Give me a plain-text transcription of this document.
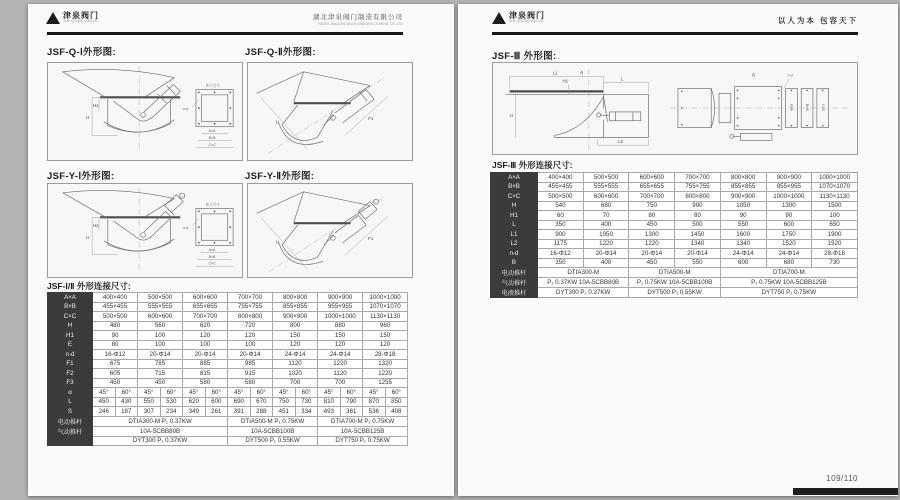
津泉阀门
JIN QUAN VALVE
湖北津泉阀门制造有限公司
HUBEI JINQUAN VALVE MANUFACTURING CO.,LTD
JSF-Q-Ⅰ外形图:	JSF-Q-Ⅱ外形图:
H
H1
法兰尺寸
n-d
A×A
B×B
C×C
L
F1
JSF-Y-Ⅰ外形图:	JSF-Y-Ⅱ外形图:
H
H1
法兰尺寸
n-d
A×A
B×B
C×C
L
F1
JSF-Ⅰ/Ⅱ 外形连接尺寸:
A×A	400×400		500×500		600×600		700×700		800×800		900×900		1000×1000	
B×B	455×455		555×555		655×655		755×755		855×855		955×955		1070×1070	
C×C	500×500		600×600		700×700		800×800		900×900		1000×1000		1130×1130	
H	480		560		620		720		800		880		960	
H1	90		100		120		120		150		150		150	
E	80		100		100		100		120		120		120	
n-d	16-Φ12		20-Φ14		20-Φ14		20-Φ14		24-Φ14		24-Φ14		28-Φ18	
F1	675		785		885		985		1120		1220		1320	
F2	605		715		815		915		1020		1120		1220	
F3	450		450		580		580		700		700		1255	
α	45°	60°	45°	60°	45°	60°	45°	60°	45°	60°	45°	60°	45°	60°
L	450	430	550	530	620	600	690	670	750	730	810	790	870	850
S	246	187	307	234	349	261	391	288	451	334	493	361	536	408
电动推杆	DTⅠA300-M P₁ 0.37KW						DTⅠA500-M P₁ 0.75KW				DTⅠA700-M P₁ 0.75KW			
气动推杆	10A-5CBB80B						10A-5CBB100B				10A-5CBB125B			
	DYT300 P₁ 0.37KW						DYT500 P₁ 0.55KW				DYT750 P₁ 0.75KW			
津泉阀门
JIN QUAN VALVE	以人为本 包容天下
JSF-Ⅲ 外形图:
A
L1
L
H
H1
L2
B	n-d
A×A	B×B	C×C
JSF-Ⅲ 外形连接尺寸:
A×A	400×400	500×500	600×600	700×700	800×800	900×900	1000×1000
B×B	455×455	555×555	655×655	755×755	855×855	955×955	1070×1070
C×C	500×500	600×600	700×700	800×800	900×900	1000×1000	1130×1130
H	540	680	750	900	1050	1300	1500
H1	60	70	80	80	90	90	100
L	350	400	450	500	550	600	650
L1	900	1050	1300	1450	1600	1750	1900
L2	1175	1220	1220	1340	1340	1520	1520
n-d	16-Φ12	20-Φ14	20-Φ14	20-Φ14	24-Φ14	24-Φ14	28-Φ18
B	350	400	450	550	600	680	730
电动推杆	DTⅠA300-M		DTⅠA500-M		DTⅠA700-M		
气动推杆	P₁ 0.37KW 10A-5CBB80B		P₁ 0.75KW 10A-5CBB100B		P₁ 0.75KW 10A-5CBB125B		
电液推杆	DYT300 P₁ 0.37KW		DYT500 P₁ 0.55KW		DYT750 P₁ 0.75KW		
109/110
